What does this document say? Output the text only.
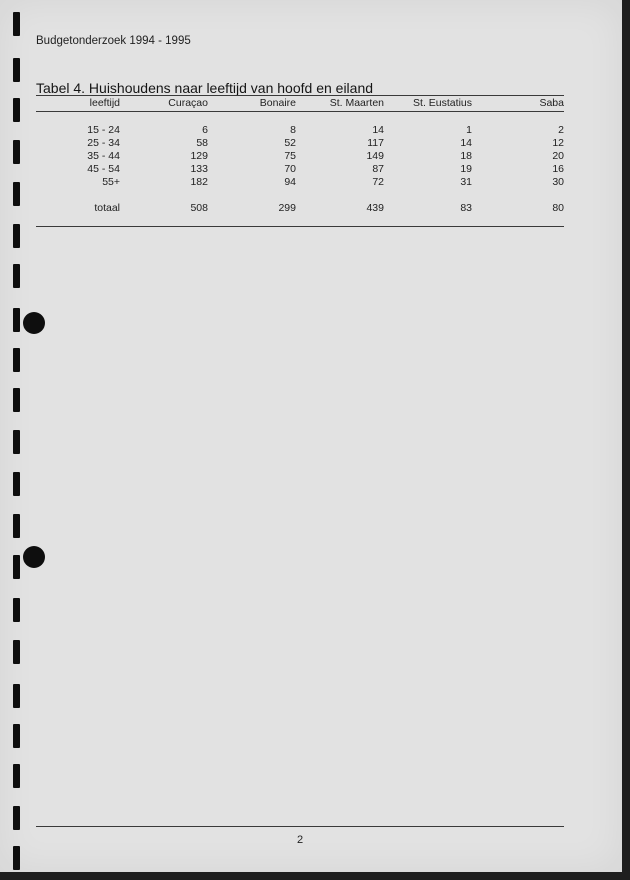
Budgetonderzoek 1994 - 1995
Tabel 4. Huishoudens naar leeftijd van hoofd en eiland
leeftijd	Curaçao	Bonaire	St. Maarten	St. Eustatius	Saba

15 - 24	6	8	14	1	2
25 - 34	58	52	117	14	12
35 - 44	129	75	149	18	20
45 - 54	133	70	87	19	16
55+	182	94	72	31	30

totaal	508	299	439	83	80
2
